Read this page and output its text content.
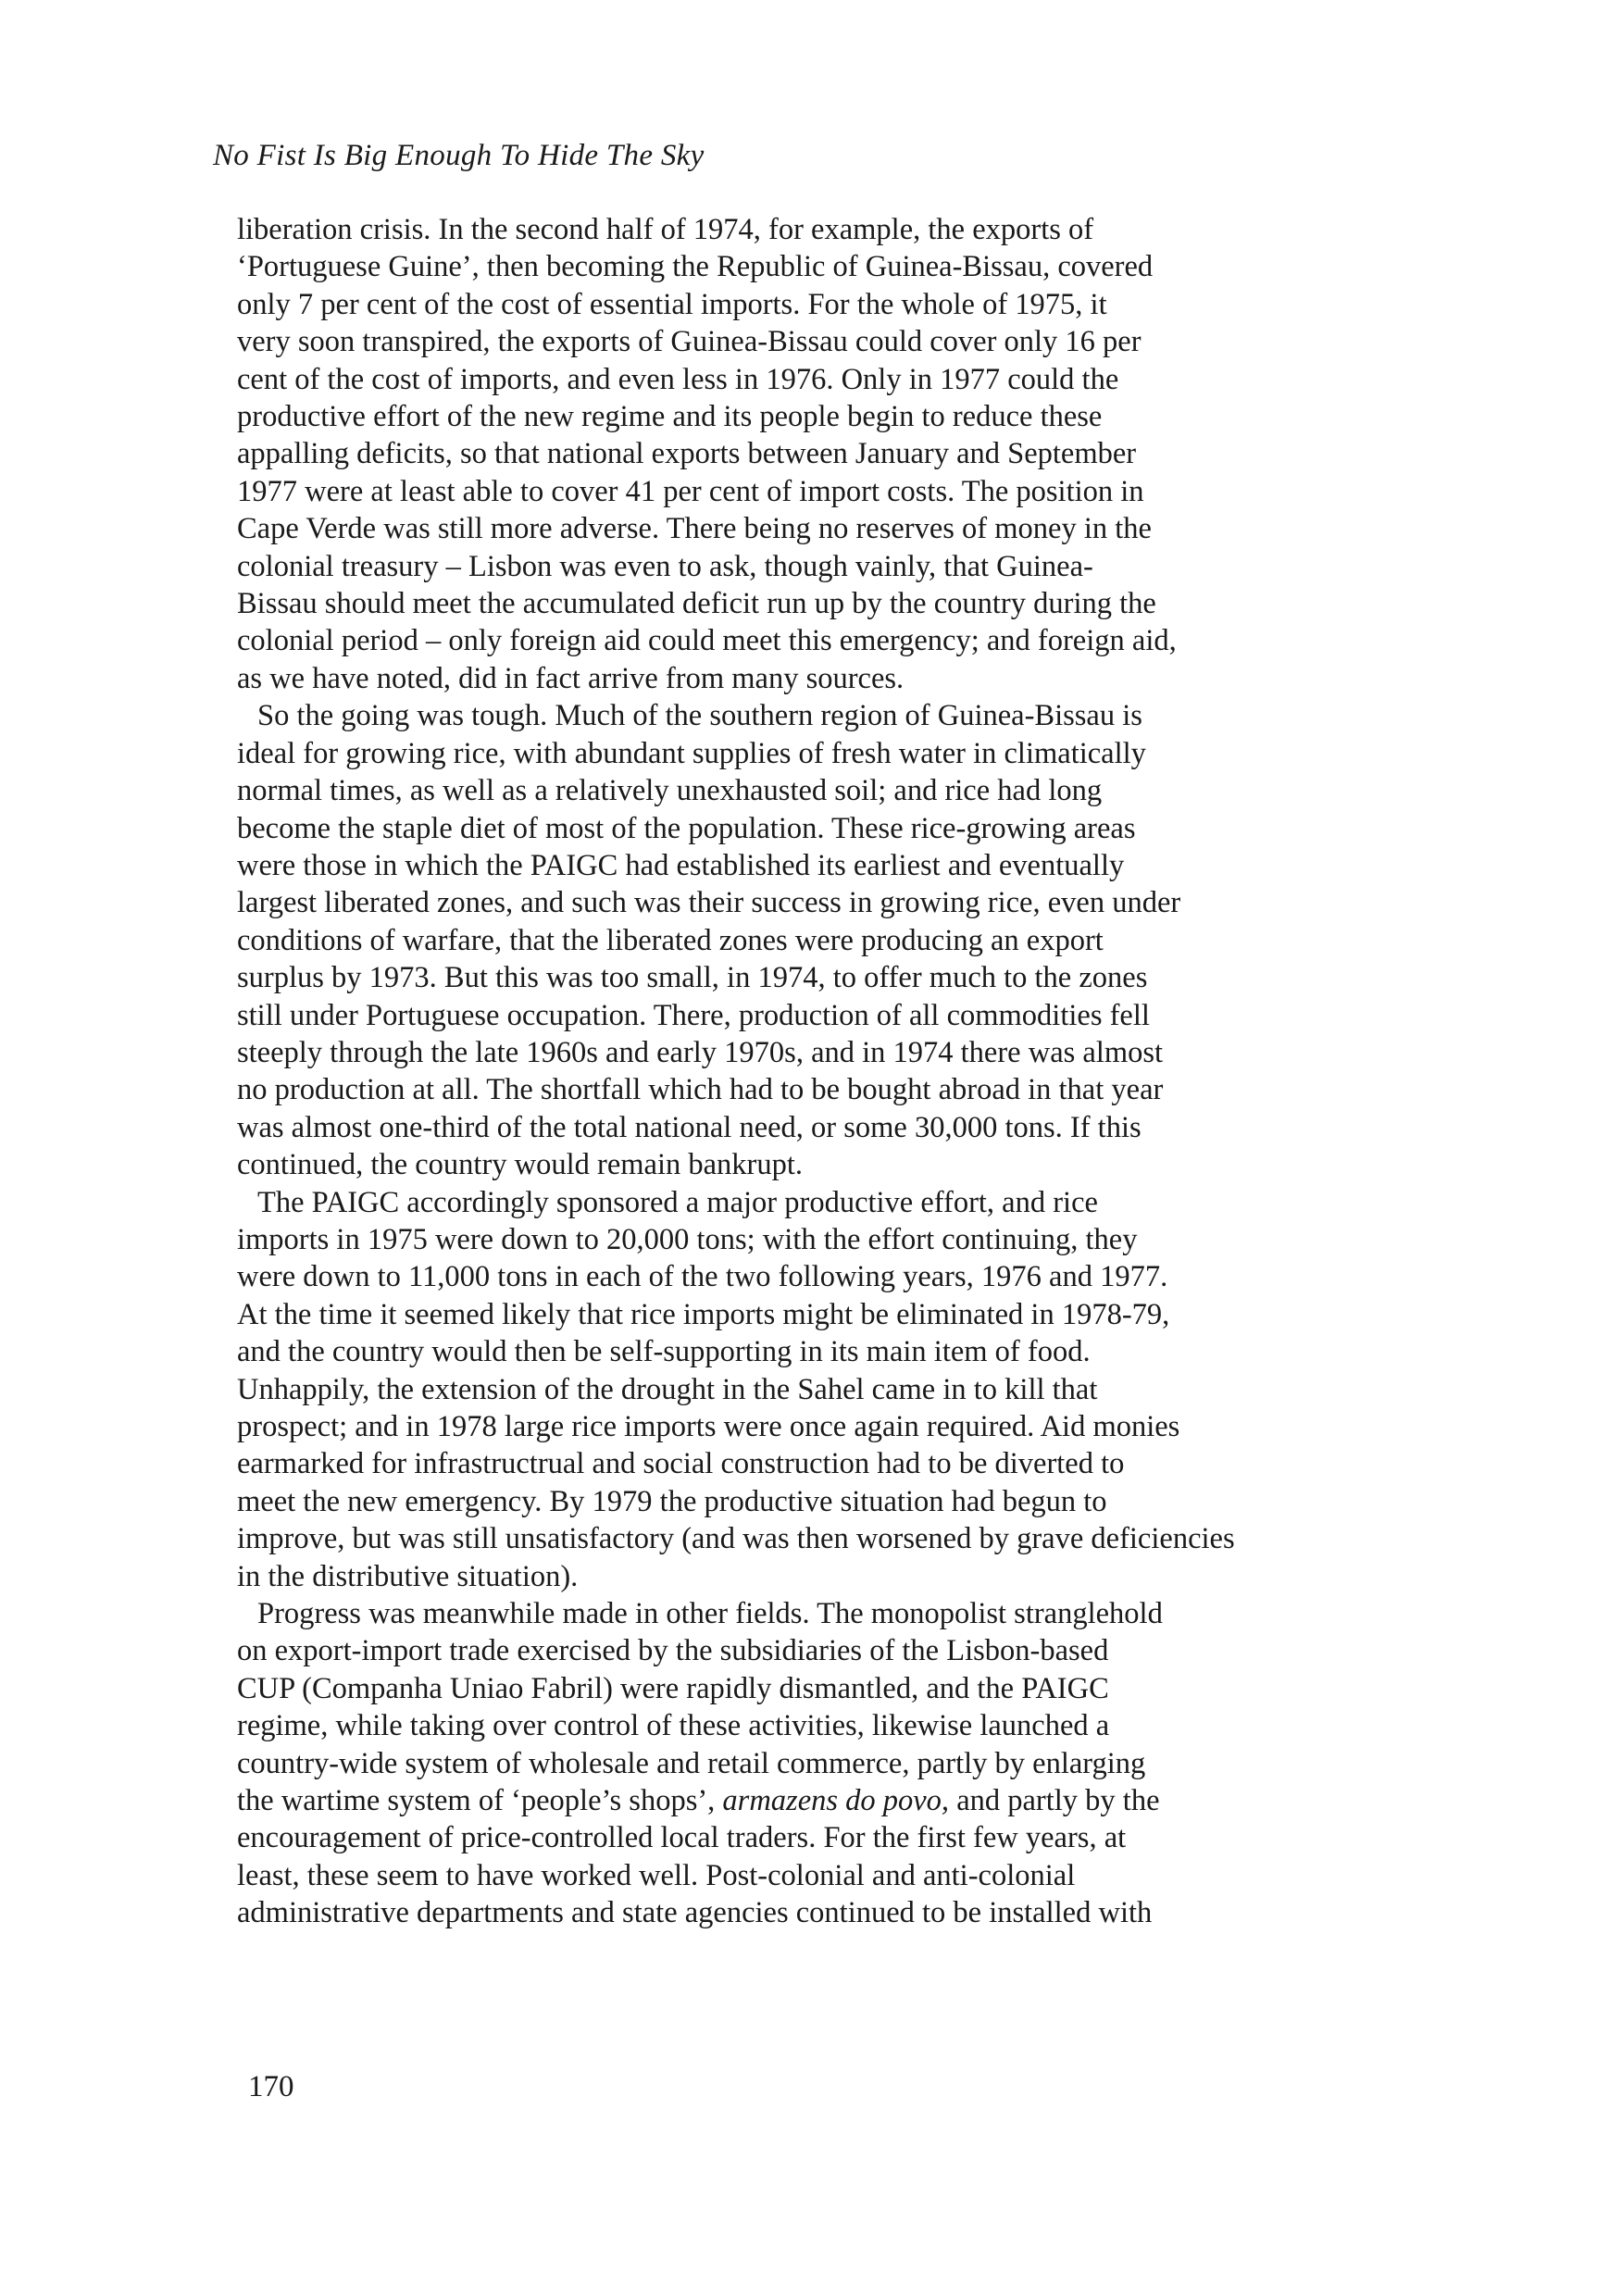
No Fist Is Big Enough To Hide The Sky
liberation crisis. In the second half of 1974, for example, the exports of
‘Portuguese Guine’, then becoming the Republic of Guinea-Bissau, covered
only 7 per cent of the cost of essential imports. For the whole of 1975, it
very soon transpired, the exports of Guinea-Bissau could cover only 16 per
cent of the cost of imports, and even less in 1976. Only in 1977 could the
productive effort of the new regime and its people begin to reduce these
appalling deficits, so that national exports between January and September
1977 were at least able to cover 41 per cent of import costs. The position in
Cape Verde was still more adverse. There being no reserves of money in the
colonial treasury – Lisbon was even to ask, though vainly, that Guinea-
Bissau should meet the accumulated deficit run up by the country during the
colonial period – only foreign aid could meet this emergency; and foreign aid,
as we have noted, did in fact arrive from many sources.
So the going was tough. Much of the southern region of Guinea-Bissau is
ideal for growing rice, with abundant supplies of fresh water in climatically
normal times, as well as a relatively unexhausted soil; and rice had long
become the staple diet of most of the population. These rice-growing areas
were those in which the PAIGC had established its earliest and eventually
largest liberated zones, and such was their success in growing rice, even under
conditions of warfare, that the liberated zones were producing an export
surplus by 1973. But this was too small, in 1974, to offer much to the zones
still under Portuguese occupation. There, production of all commodities fell
steeply through the late 1960s and early 1970s, and in 1974 there was almost
no production at all. The shortfall which had to be bought abroad in that year
was almost one-third of the total national need, or some 30,000 tons. If this
continued, the country would remain bankrupt.
The PAIGC accordingly sponsored a major productive effort, and rice
imports in 1975 were down to 20,000 tons; with the effort continuing, they
were down to 11,000 tons in each of the two following years, 1976 and 1977.
At the time it seemed likely that rice imports might be eliminated in 1978-79,
and the country would then be self-supporting in its main item of food.
Unhappily, the extension of the drought in the Sahel came in to kill that
prospect; and in 1978 large rice imports were once again required. Aid monies
earmarked for infrastructrual and social construction had to be diverted to
meet the new emergency. By 1979 the productive situation had begun to
improve, but was still unsatisfactory (and was then worsened by grave deficiencies
in the distributive situation).
Progress was meanwhile made in other fields. The monopolist stranglehold
on export-import trade exercised by the subsidiaries of the Lisbon-based
CUP (Companha Uniao Fabril) were rapidly dismantled, and the PAIGC
regime, while taking over control of these activities, likewise launched a
country-wide system of wholesale and retail commerce, partly by enlarging
the wartime system of ‘people’s shops’, armazens do povo, and partly by the
encouragement of price-controlled local traders. For the first few years, at
least, these seem to have worked well. Post-colonial and anti-colonial
administrative departments and state agencies continued to be installed with
170
